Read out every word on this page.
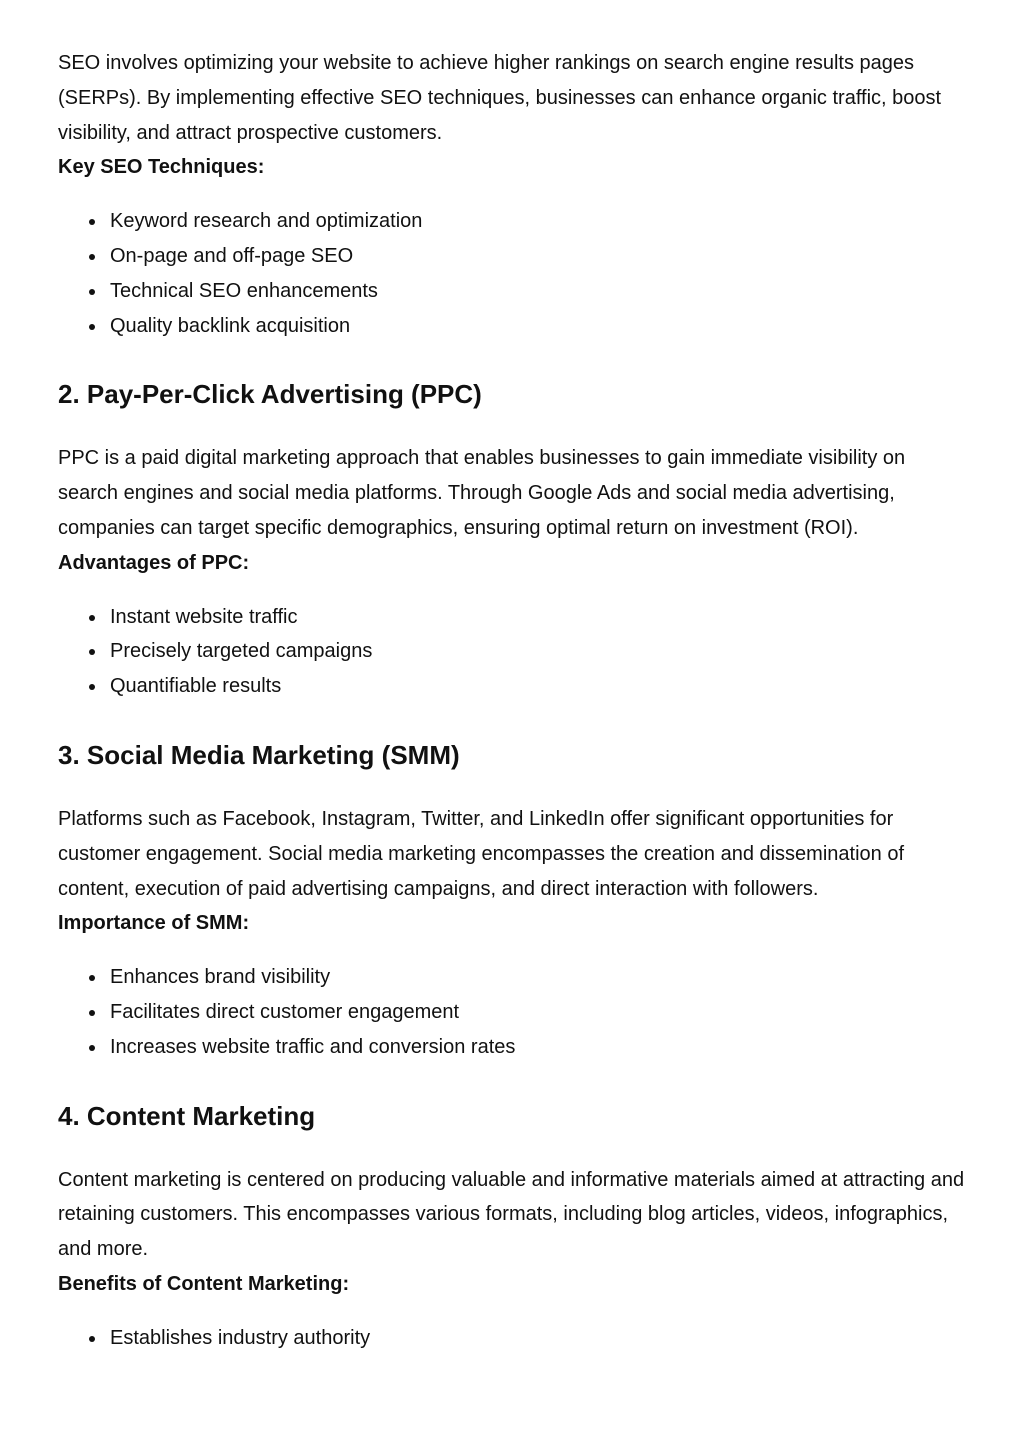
SEO involves optimizing your website to achieve higher rankings on search engine results pages (SERPs). By implementing effective SEO techniques, businesses can enhance organic traffic, boost visibility, and attract prospective customers.

Key SEO Techniques:
Keyword research and optimization
On-page and off-page SEO
Technical SEO enhancements
Quality backlink acquisition
2. Pay-Per-Click Advertising (PPC)

PPC is a paid digital marketing approach that enables businesses to gain immediate visibility on search engines and social media platforms. Through Google Ads and social media advertising, companies can target specific demographics, ensuring optimal return on investment (ROI).

Advantages of PPC:
Instant website traffic
Precisely targeted campaigns
Quantifiable results
3. Social Media Marketing (SMM)

Platforms such as Facebook, Instagram, Twitter, and LinkedIn offer significant opportunities for customer engagement. Social media marketing encompasses the creation and dissemination of content, execution of paid advertising campaigns, and direct interaction with followers.

Importance of SMM:
Enhances brand visibility
Facilitates direct customer engagement
Increases website traffic and conversion rates
4. Content Marketing

Content marketing is centered on producing valuable and informative materials aimed at attracting and retaining customers. This encompasses various formats, including blog articles, videos, infographics, and more.

Benefits of Content Marketing:
Establishes industry authority
